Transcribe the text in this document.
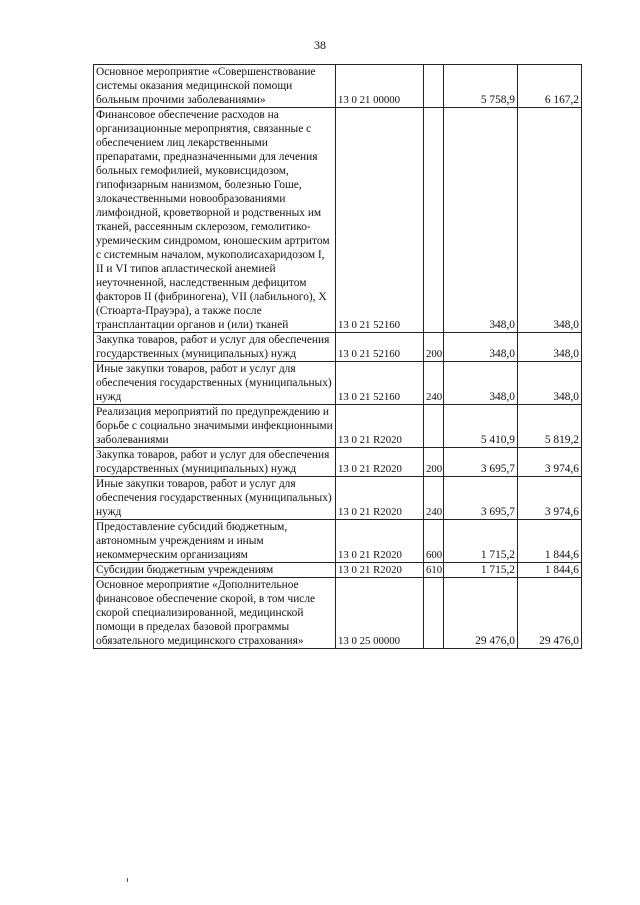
38
Основное мероприятие «Совершенствование системы оказания медицинской помощи больным прочими заболеваниями»	13 0 21 00000		5 758,9	6 167,2
Финансовое обеспечение расходов на организационные мероприятия, связанные с обеспечением лиц лекарственными препаратами, предназначенными для лечения больных гемофилией, муковисцидозом, гипофизарным нанизмом, болезнью Гоше, злокачественными новообразованиями лимфоидной, кроветворной и родственных им тканей, рассеянным склерозом, гемолитико-уремическим синдромом, юношеским артритом с системным началом, мукополисахаридозом I, II и VI типов апластической анемией неуточненной, наследственным дефицитом факторов II (фибриногена), VII (лабильного), X (Стюарта-Прауэра), а также после трансплантации органов и (или) тканей	13 0 21 52160		348,0	348,0
Закупка товаров, работ и услуг для обеспечения государственных (муниципальных) нужд	13 0 21 52160	200	348,0	348,0
Иные закупки товаров, работ и услуг для обеспечения государственных (муниципальных) нужд	13 0 21 52160	240	348,0	348,0
Реализация мероприятий по предупреждению и борьбе с социально значимыми инфекционными заболеваниями	13 0 21 R2020		5 410,9	5 819,2
Закупка товаров, работ и услуг для обеспечения государственных (муниципальных) нужд	13 0 21 R2020	200	3 695,7	3 974,6
Иные закупки товаров, работ и услуг для обеспечения государственных (муниципальных) нужд	13 0 21 R2020	240	3 695,7	3 974,6
Предоставление субсидий бюджетным, автономным учреждениям и иным некоммерческим организациям	13 0 21 R2020	600	1 715,2	1 844,6
Субсидии бюджетным учреждениям	13 0 21 R2020	610	1 715,2	1 844,6
Основное мероприятие «Дополнительное финансовое обеспечение скорой, в том числе скорой специализированной, медицинской помощи в пределах базовой программы обязательного медицинского страхования»	13 0 25 00000		29 476,0	29 476,0
